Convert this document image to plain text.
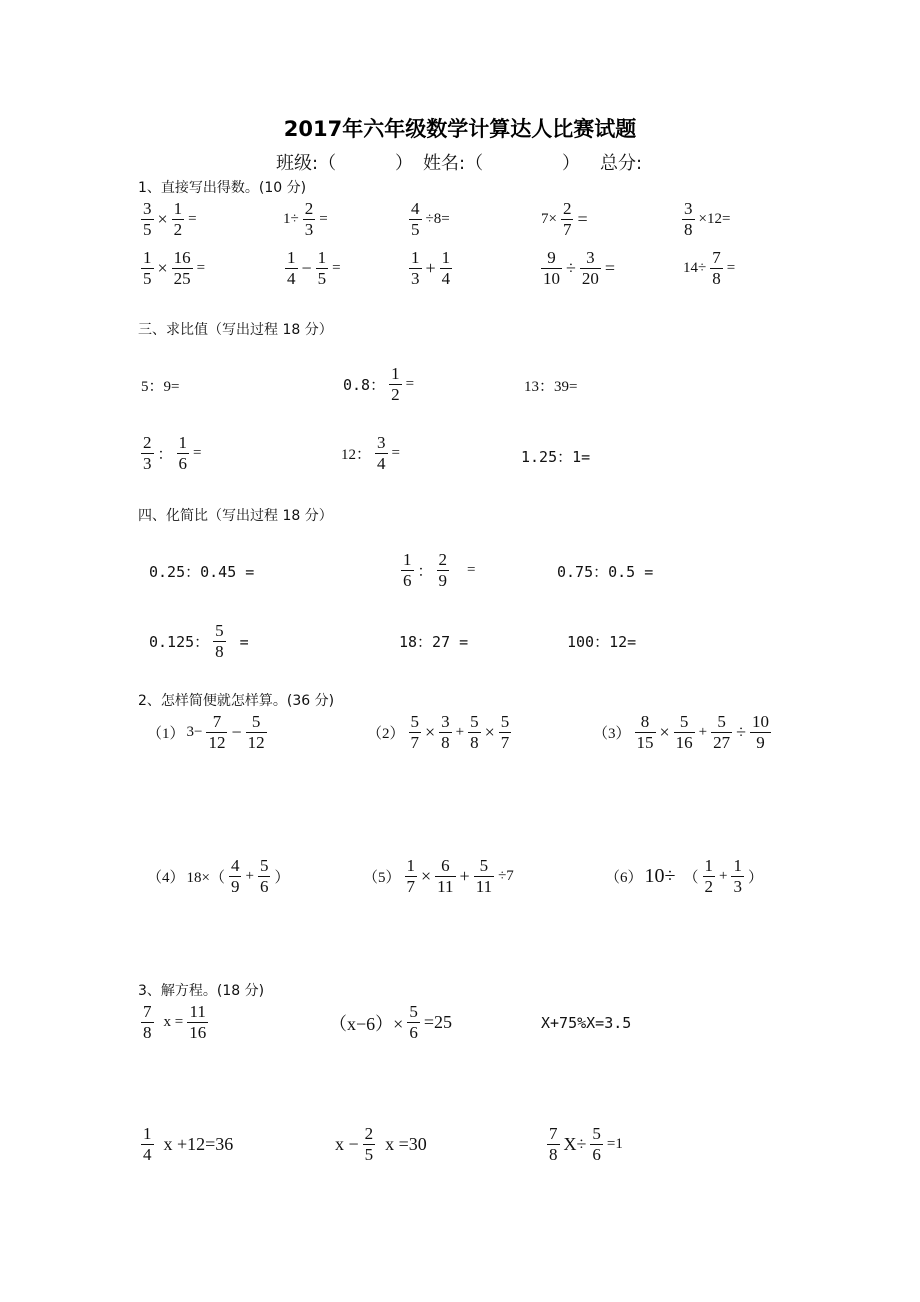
2017年六年级数学计算达人比赛试题
班级:（	） 姓名:（	） 总分:
1、直接写出得数。(10 分)
$\frac{3}{5} \times \frac{1}{2}$ =	$1\div \frac{2}{3}$ =	$\frac{4}{5} \div 8=$	$7\times \frac{2}{7}$ =	$\frac{3}{8} \times 12=$
$\frac{1}{5} \times \frac{16}{25}$ =	$\frac{1}{4} - \frac{1}{5}$ =	$\frac{1}{3} + \frac{1}{4}$	$\frac{9}{10} \div \frac{3}{20}$ =	$14\div \frac{7}{8}$ =
三、求比值（写出过程 18 分）
5：9=	0.8： $\frac{1}{2}$ =	13：39=
$\frac{2}{3}$ ： $\frac{1}{6}$ =	12： $\frac{3}{4}$ =	1.25：1=
四、化简比（写出过程 18 分）
0.25：0.45 =	$\frac{1}{6}$ ： $\frac{2}{9}$ =	0.75：0.5 =
0.125： $\frac{5}{8}$ =	18：27 =	100：12=
2、怎样简便就怎样算。(36 分)
（1） $3- \frac{7}{12} - \frac{5}{12}$	$(2) \frac{5}{7} \times \frac{3}{8} + \frac{5}{8} \times \frac{5}{7}$	$(3) \frac{8}{15} \times \frac{5}{16} + \frac{5}{27} \div \frac{10}{9}$
（4） $18\times( \frac{4}{9} + \frac{5}{6}$ ）	$(5) \frac{1}{7} \times \frac{6}{11} + \frac{5}{11} \div 7$	（6） 10÷ （ $\frac{1}{2} + \frac{1}{3}$ ）
3、解方程。(18 分)
$\frac{7}{8}$ $x = \frac{11}{16}$	$(x-6)\times \frac{5}{6} =25$	X+75%X=3.5
$\frac{1}{4}$ x +12=36	$x - \frac{2}{5}$ x =30	$\frac{7}{8} X\div \frac{5}{6} =1$
